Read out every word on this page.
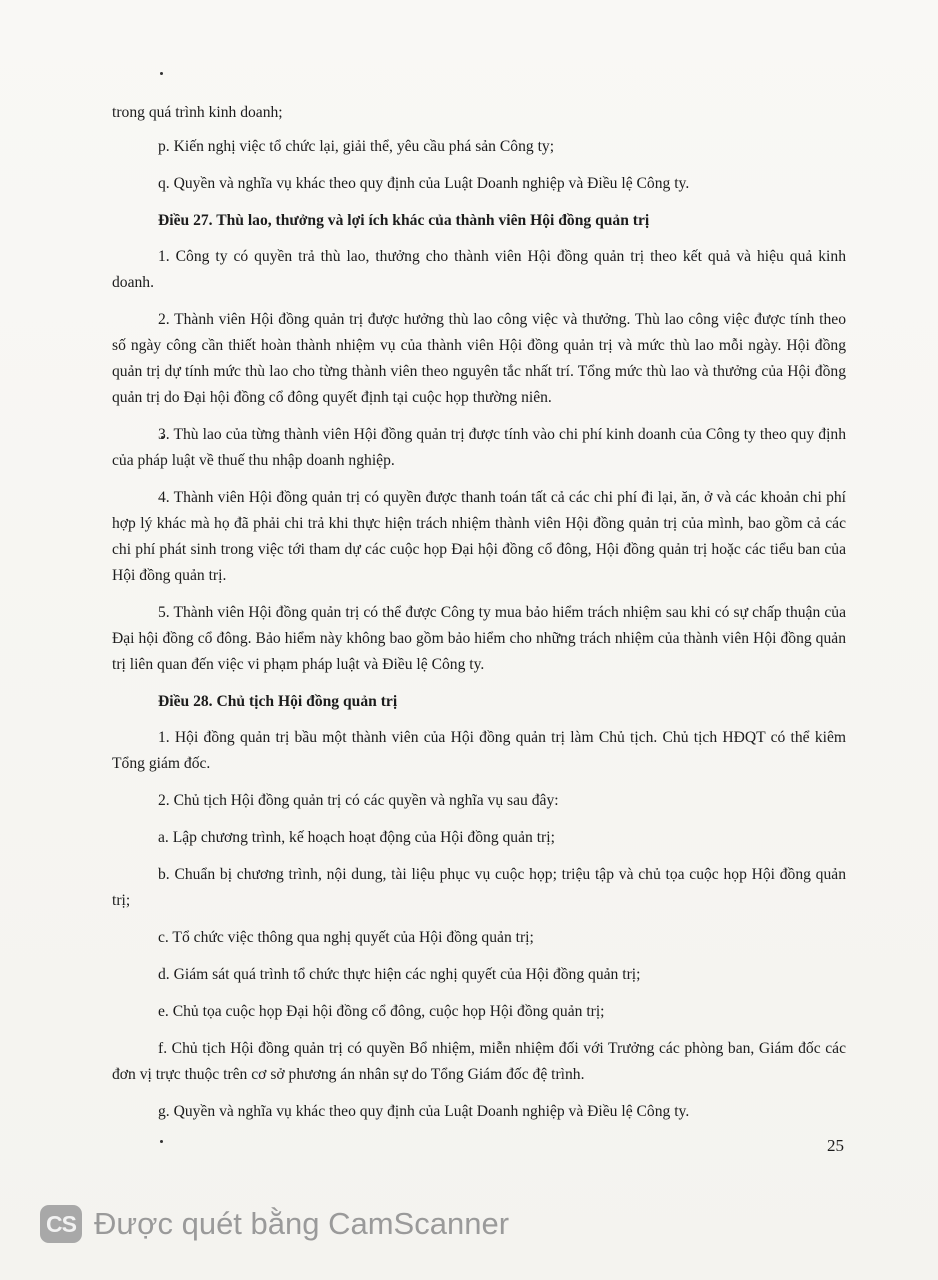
trong quá trình kinh doanh;

p. Kiến nghị việc tổ chức lại, giải thể, yêu cầu phá sản Công ty;

q. Quyền và nghĩa vụ khác theo quy định của Luật Doanh nghiệp và Điều lệ Công ty.

Điều 27. Thù lao, thưởng và lợi ích khác của thành viên Hội đồng quản trị

1. Công ty có quyền trả thù lao, thưởng cho thành viên Hội đồng quản trị theo kết quả và hiệu quả kinh doanh.

2. Thành viên Hội đồng quản trị được hưởng thù lao công việc và thưởng. Thù lao công việc được tính theo số ngày công cần thiết hoàn thành nhiệm vụ của thành viên Hội đồng quản trị và mức thù lao mỗi ngày. Hội đồng quản trị dự tính mức thù lao cho từng thành viên theo nguyên tắc nhất trí. Tổng mức thù lao và thưởng của Hội đồng quản trị do Đại hội đồng cổ đông quyết định tại cuộc họp thường niên.

3. Thù lao của từng thành viên Hội đồng quản trị được tính vào chi phí kinh doanh của Công ty theo quy định của pháp luật về thuế thu nhập doanh nghiệp.

4. Thành viên Hội đồng quản trị có quyền được thanh toán tất cả các chi phí đi lại, ăn, ở và các khoản chi phí hợp lý khác mà họ đã phải chi trả khi thực hiện trách nhiệm thành viên Hội đồng quản trị của mình, bao gồm cả các chi phí phát sinh trong việc tới tham dự các cuộc họp Đại hội đồng cổ đông, Hội đồng quản trị hoặc các tiểu ban của Hội đồng quản trị.

5. Thành viên Hội đồng quản trị có thể được Công ty mua bảo hiểm trách nhiệm sau khi có sự chấp thuận của Đại hội đồng cổ đông. Bảo hiểm này không bao gồm bảo hiểm cho những trách nhiệm của thành viên Hội đồng quản trị liên quan đến việc vi phạm pháp luật và Điều lệ Công ty.

Điều 28. Chủ tịch Hội đồng quản trị

1. Hội đồng quản trị bầu một thành viên của Hội đồng quản trị làm Chủ tịch. Chủ tịch HĐQT có thể kiêm Tổng giám đốc.

2. Chủ tịch Hội đồng quản trị có các quyền và nghĩa vụ sau đây:

a. Lập chương trình, kế hoạch hoạt động của Hội đồng quản trị;

b. Chuẩn bị chương trình, nội dung, tài liệu phục vụ cuộc họp; triệu tập và chủ tọa cuộc họp Hội đồng quản trị;

c. Tổ chức việc thông qua nghị quyết của Hội đồng quản trị;

d. Giám sát quá trình tổ chức thực hiện các nghị quyết của Hội đồng quản trị;

e. Chủ tọa cuộc họp Đại hội đồng cổ đông, cuộc họp Hội đồng quản trị;

f. Chủ tịch Hội đồng quản trị có quyền Bổ nhiệm, miễn nhiệm đối với Trưởng các phòng ban, Giám đốc các đơn vị trực thuộc trên cơ sở phương án nhân sự do Tổng Giám đốc đệ trình.

g. Quyền và nghĩa vụ khác theo quy định của Luật Doanh nghiệp và Điều lệ Công ty.

25
CS Được quét bằng CamScanner
